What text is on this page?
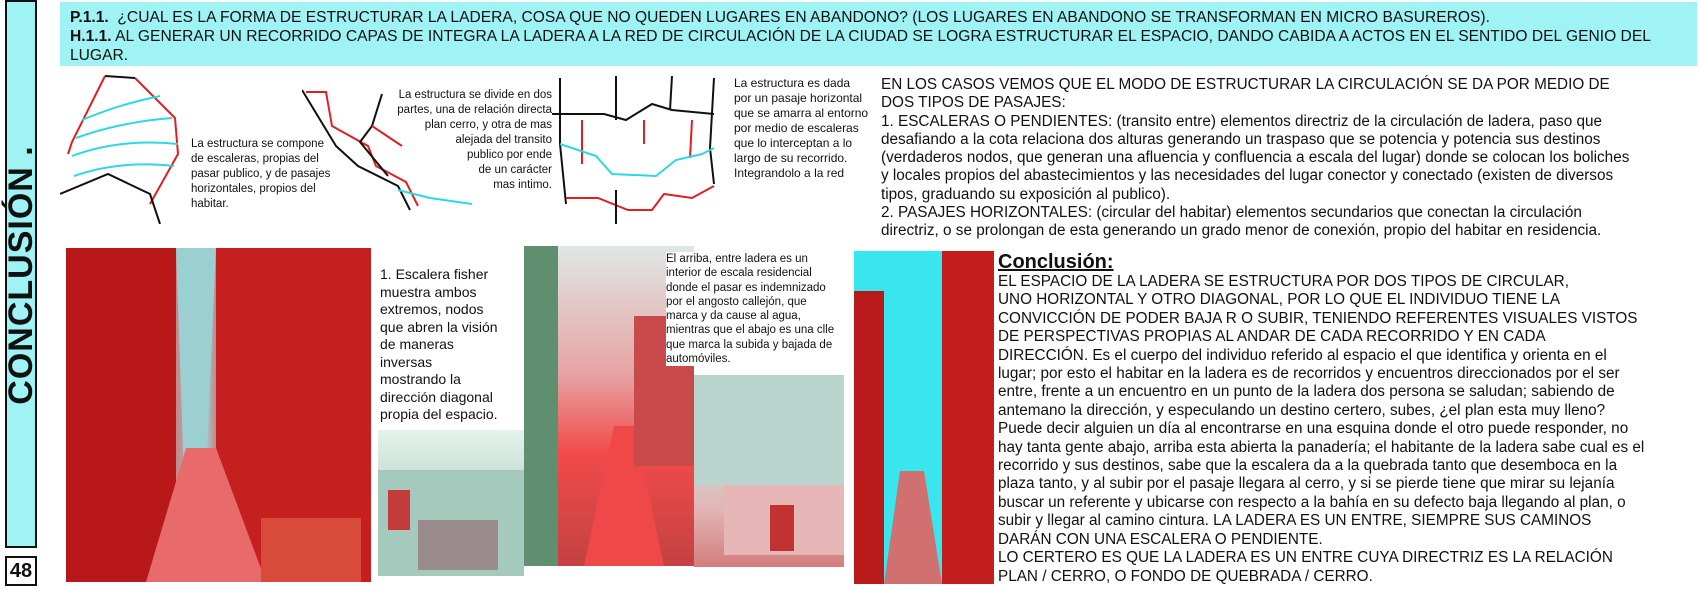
CONCLUSIÓN .
48
P.1.1. ¿CUAL ES LA FORMA DE ESTRUCTURAR LA LADERA, COSA QUE NO QUEDEN LUGARES EN ABANDONO? (LOS LUGARES EN ABANDONO SE TRANSFORMAN EN MICRO BASUREROS).
H.1.1. AL GENERAR UN RECORRIDO CAPAS DE INTEGRA LA LADERA A LA RED DE CIRCULACIÓN DE LA CIUDAD SE LOGRA ESTRUCTURAR EL ESPACIO, DANDO CABIDA A ACTOS EN EL SENTIDO DEL GENIO DEL LUGAR.
La estructura se compone
de escaleras, propias del
pasar publico, y de pasajes
horizontales, propios del
habitar.
La estructura se divide en dos
partes, una de relación directa
plan cerro, y otra de mas
alejada del transito
publico por ende
de un carácter
mas intimo.
La estructura es dada
por un pasaje horizontal
que se amarra al entorno
por medio de escaleras
que lo interceptan a lo
largo de su recorrido.
Integrandolo a la red
EN LOS CASOS VEMOS QUE EL MODO DE ESTRUCTURAR LA CIRCULACIÓN SE DA POR MEDIO DE
DOS TIPOS DE PASAJES:
1. ESCALERAS O PENDIENTES: (transito entre) elementos directriz de la circulación de ladera, paso que
desafiando a la cota relaciona dos alturas generando un traspaso que se potencia y potencia sus destinos
(verdaderos nodos, que generan una afluencia y confluencia a escala del lugar) donde se colocan los boliches
y locales propios del abastecimientos y las necesidades del lugar conector y conectado (existen de diversos
tipos, graduando su exposición al publico).
2. PASAJES HORIZONTALES: (circular del habitar) elementos secundarios que conectan la circulación
directriz, o se prolongan de esta generando un grado menor de conexión, propio del habitar en residencia.
1. Escalera fisher
muestra ambos
extremos, nodos
que abren la visión
de maneras
inversas
mostrando la
dirección diagonal
propia del espacio.
El arriba, entre ladera es un
interior de escala residencial
donde el pasar es indemnizado
por el angosto callejón, que
marca y da cause al agua,
mientras que el abajo es una clle
que marca la subida y bajada de
automóviles.
Conclusión:
EL ESPACIO DE LA LADERA SE ESTRUCTURA POR DOS TIPOS DE CIRCULAR,
UNO HORIZONTAL Y OTRO DIAGONAL, POR LO QUE EL INDIVIDUO TIENE LA
CONVICCIÓN DE PODER BAJA R O SUBIR, TENIENDO REFERENTES VISUALES VISTOS
DE PERSPECTIVAS PROPIAS AL ANDAR DE CADA RECORRIDO Y EN CADA
DIRECCIÓN. Es el cuerpo del individuo referido al espacio el que identifica y orienta en el
lugar; por esto el habitar en la ladera es de recorridos y encuentros direccionados por el ser
entre, frente a un encuentro en un punto de la ladera dos persona se saludan; sabiendo de
antemano la dirección, y especulando un destino certero, subes, ¿el plan esta muy lleno?
Puede decir alguien un día al encontrarse en una esquina donde el otro puede responder, no
hay tanta gente abajo, arriba esta abierta la panadería; el habitante de la ladera sabe cual es el
recorrido y sus destinos, sabe que la escalera da a la quebrada tanto que desemboca en la
plaza tanto, y al subir por el pasaje llegara al cerro, y si se pierde tiene que mirar su lejanía
buscar un referente y ubicarse con respecto a la bahía en su defecto baja llegando al plan, o
subir y llegar al camino cintura. LA LADERA ES UN ENTRE, SIEMPRE SUS CAMINOS
DARÁN CON UNA ESCALERA O PENDIENTE.
LO CERTERO ES QUE LA LADERA ES UN ENTRE CUYA DIRECTRIZ ES LA RELACIÓN
PLAN / CERRO, O FONDO DE QUEBRADA / CERRO.
